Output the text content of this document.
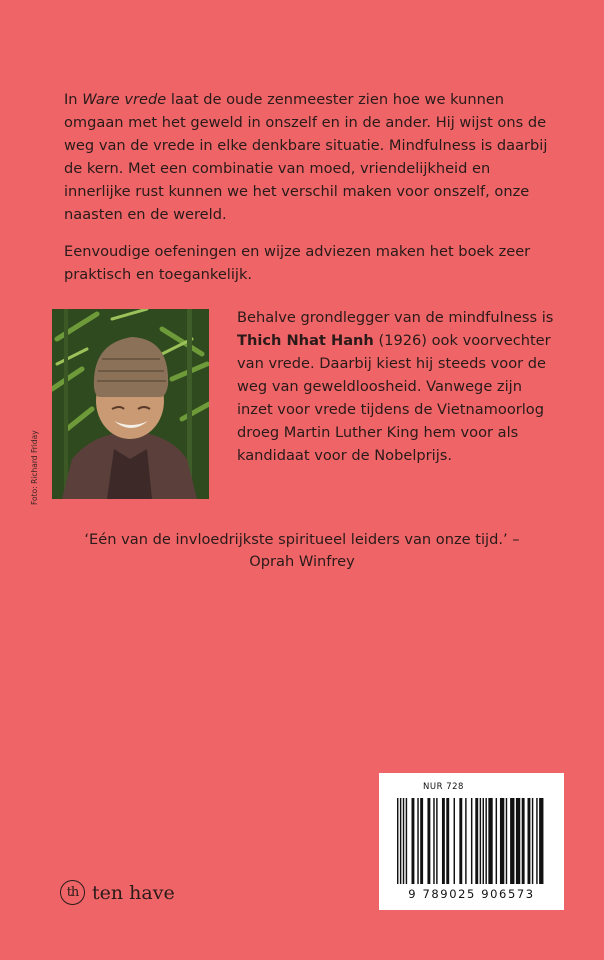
In Ware vrede laat de oude zenmeester zien hoe we kunnen omgaan met het geweld in onszelf en in de ander. Hij wijst ons de weg van de vrede in elke denkbare situatie. Mindfulness is daarbij de kern. Met een combinatie van moed, vriendelijkheid en innerlijke rust kunnen we het verschil maken voor onszelf, onze naasten en de wereld.

Eenvoudige oefeningen en wijze adviezen maken het boek zeer praktisch en toegankelijk.

Foto: Richard Friday

Behalve grondlegger van de mindfulness is Thich Nhat Hanh (1926) ook voorvechter van vrede. Daarbij kiest hij steeds voor de weg van geweldloosheid. Vanwege zijn inzet voor vrede tijdens de Vietnamoorlog droeg Martin Luther King hem voor als kandidaat voor de Nobelprijs.

‘Eén van de invloedrijkste spiritueel leiders van onze tijd.’ –
Oprah Winfrey
th ten have
NUR 728
9 789025 906573
